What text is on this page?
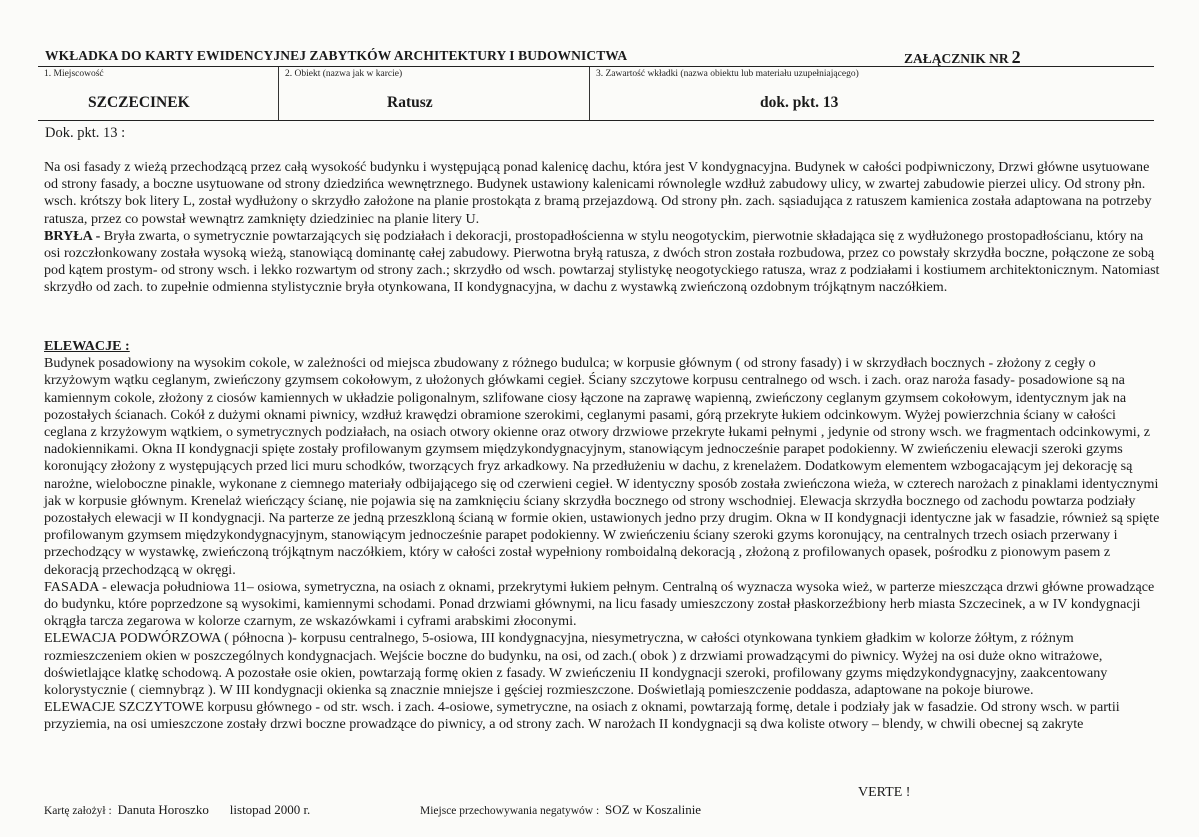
WKŁADKA DO KARTY EWIDENCYJNEJ ZABYTKÓW ARCHITEKTURY I BUDOWNICTWA	ZAŁĄCZNIK NR 2
1. Miejscowość
SZCZECINEK
2. Obiekt (nazwa jak w karcie)
Ratusz
3. Zawartość wkładki (nazwa obiektu lub materiału uzupełniającego)
dok. pkt. 13
Dok. pkt. 13 :

Na osi fasady z wieżą przechodzącą przez całą wysokość budynku i występującą ponad kalenicę dachu, która jest V kondygnacyjna. Budynek w całości podpiwniczony, Drzwi główne usytuowane od strony fasady, a boczne usytuowane od strony dziedzińca wewnętrznego. Budynek ustawiony kalenicami równolegle wzdłuż zabudowy ulicy, w zwartej zabudowie pierzei ulicy. Od strony płn. wsch. krótszy bok litery L, został wydłużony o skrzydło założone na planie prostokąta z bramą przejazdową. Od strony płn. zach. sąsiadująca z ratuszem kamienica została adaptowana na potrzeby ratusza, przez co powstał wewnątrz zamknięty dziedziniec na planie litery U.

BRYŁA - Bryła zwarta, o symetrycznie powtarzających się podziałach i dekoracji, prostopadłościenna w stylu neogotyckim, pierwotnie składająca się z wydłużonego prostopadłościanu, który na osi rozczłonkowany została wysoką wieżą, stanowiącą dominantę całej zabudowy. Pierwotna bryłą ratusza, z dwóch stron została rozbudowa, przez co powstały skrzydła boczne, połączone ze sobą pod kątem prostym- od strony wsch. i lekko rozwartym od strony zach.; skrzydło od wsch. powtarzaj stylistykę neogotyckiego ratusza, wraz z podziałami i kostiumem architektonicznym. Natomiast skrzydło od zach. to zupełnie odmienna stylistycznie bryła otynkowana, II kondygnacyjna, w dachu z wystawką zwieńczoną ozdobnym trójkątnym naczółkiem.

ELEWACJE :

Budynek posadowiony na wysokim cokole, w zależności od miejsca zbudowany z różnego budulca; w korpusie głównym ( od strony fasady) i w skrzydłach bocznych - złożony z cegły o krzyżowym wątku ceglanym, zwieńczony gzymsem cokołowym, z ułożonych główkami cegieł. Ściany szczytowe korpusu centralnego od wsch. i zach. oraz naroża fasady- posadowione są na kamiennym cokole, złożony z ciosów kamiennych w układzie poligonalnym, szlifowane ciosy łączone na zaprawę wapienną, zwieńczony ceglanym gzymsem cokołowym, identycznym jak na pozostałych ścianach. Cokół z dużymi oknami piwnicy, wzdłuż krawędzi obramione szerokimi, ceglanymi pasami, górą przekryte łukiem odcinkowym. Wyżej powierzchnia ściany w całości ceglana z krzyżowym wątkiem, o symetrycznych podziałach, na osiach otwory okienne oraz otwory drzwiowe przekryte łukami pełnymi , jedynie od strony wsch. we fragmentach odcinkowymi, z nadokiennikami. Okna II kondygnacji spięte zostały profilowanym gzymsem międzykondygnacyjnym, stanowiącym jednocześnie parapet podokienny. W zwieńczeniu elewacji szeroki gzyms koronujący złożony z występujących przed lici muru schodków, tworzących fryz arkadkowy. Na przedłużeniu w dachu, z krenelażem. Dodatkowym elementem wzbogacającym jej dekorację są narożne, wieloboczne pinakle, wykonane z ciemnego materiały odbijającego się od czerwieni cegieł. W identyczny sposób została zwieńczona wieża, w czterech narożach z pinaklami identycznymi jak w korpusie głównym. Krenelaż wieńczący ścianę, nie pojawia się na zamknięciu ściany skrzydła bocznego od strony wschodniej. Elewacja skrzydła bocznego od zachodu powtarza podziały pozostałych elewacji w II kondygnacji. Na parterze ze jedną przeszkloną ścianą w formie okien, ustawionych jedno przy drugim. Okna w II kondygnacji identyczne jak w fasadzie, również są spięte profilowanym gzymsem międzykondygnacyjnym, stanowiącym jednocześnie parapet podokienny. W zwieńczeniu ściany szeroki gzyms koronujący, na centralnych trzech osiach przerwany i przechodzący w wystawkę, zwieńczoną trójkątnym naczółkiem, który w całości został wypełniony romboidalną dekoracją , złożoną z profilowanych opasek, pośrodku z pionowym pasem z dekoracją przechodzącą w okręgi.

FASADA - elewacja południowa 11– osiowa, symetryczna, na osiach z oknami, przekrytymi łukiem pełnym. Centralną oś wyznacza wysoka wież, w parterze mieszcząca drzwi główne prowadzące do budynku, które poprzedzone są wysokimi, kamiennymi schodami. Ponad drzwiami głównymi, na licu fasady umieszczony został płaskorzeźbiony herb miasta Szczecinek, a w IV kondygnacji okrągła tarcza zegarowa w kolorze czarnym, ze wskazówkami i cyframi arabskimi złoconymi.

ELEWACJA PODWÓRZOWA ( północna )- korpusu centralnego, 5-osiowa, III kondygnacyjna, niesymetryczna, w całości otynkowana tynkiem gładkim w kolorze żółtym, z różnym rozmieszczeniem okien w poszczególnych kondygnacjach. Wejście boczne do budynku, na osi, od zach.( obok ) z drzwiami prowadzącymi do piwnicy. Wyżej na osi duże okno witrażowe, doświetlające klatkę schodową. A pozostałe osie okien, powtarzają formę okien z fasady. W zwieńczeniu II kondygnacji szeroki, profilowany gzyms międzykondygnacyjny, zaakcentowany kolorystycznie ( ciemnybrąz ). W III kondygnacji okienka są znacznie mniejsze i gęściej rozmieszczone. Doświetlają pomieszczenie poddasza, adaptowane na pokoje biurowe.

ELEWACJE SZCZYTOWE korpusu głównego - od str. wsch. i zach. 4-osiowe, symetryczne, na osiach z oknami, powtarzają formę, detale i podziały jak w fasadzie. Od strony wsch. w partii przyziemia, na osi umieszczone zostały drzwi boczne prowadzące do piwnicy, a od strony zach. W narożach II kondygnacji są dwa koliste otwory – blendy, w chwili obecnej są zakryte

VERTE !
Kartę założył : Danuta Horoszko listopad 2000 r.	Miejsce przechowywania negatywów : SOZ w Koszalinie
